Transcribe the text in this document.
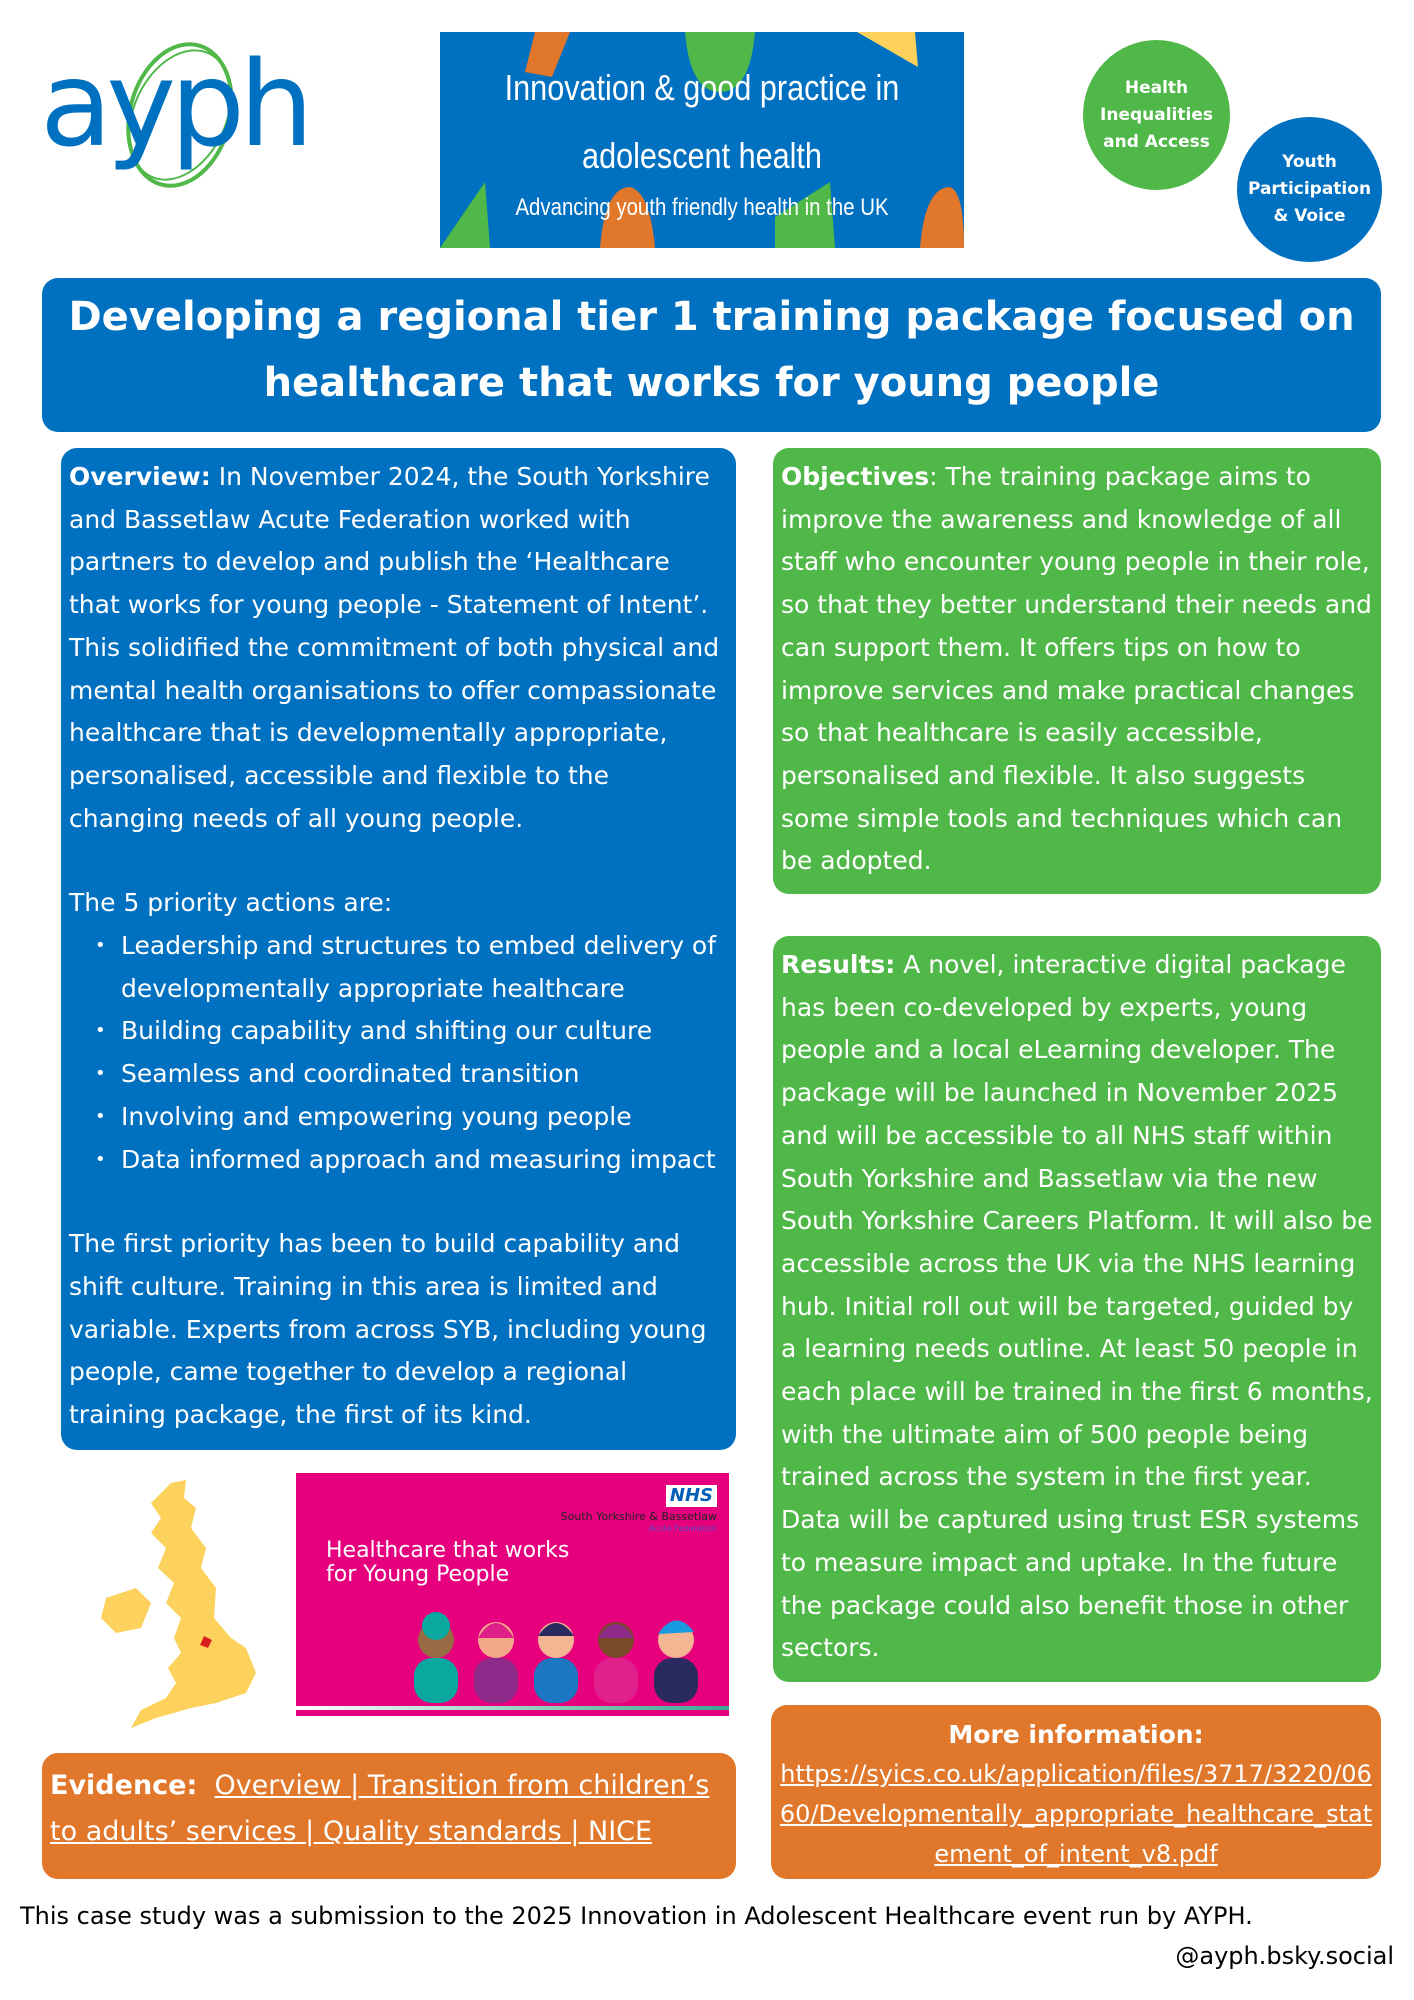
ayph	Innovation & good practice in
adolescent health
Advancing youth friendly health in the UK
Health Inequalities and Access
Youth Participation & Voice
Developing a regional tier 1 training package focused on healthcare that works for young people

Overview: In November 2024, the South Yorkshire and Bassetlaw Acute Federation worked with partners to develop and publish the ‘Healthcare that works for young people - Statement of Intent’. This solidified the commitment of both physical and mental health organisations to offer compassionate healthcare that is developmentally appropriate, personalised, accessible and flexible to the changing needs of all young people.

The 5 priority actions are:

• Leadership and structures to embed delivery of developmentally appropriate healthcare
• Building capability and shifting our culture
• Seamless and coordinated transition
• Involving and empowering young people
• Data informed approach and measuring impact

The first priority has been to build capability and shift culture. Training in this area is limited and variable. Experts from across SYB, including young people, came together to develop a regional training package, the first of its kind.

Objectives: The training package aims to improve the awareness and knowledge of all staff who encounter young people in their role, so that they better understand their needs and can support them. It offers tips on how to improve services and make practical changes so that healthcare is easily accessible, personalised and flexible. It also suggests some simple tools and techniques which can be adopted.

Results: A novel, interactive digital package has been co-developed by experts, young people and a local eLearning developer. The package will be launched in November 2025 and will be accessible to all NHS staff within South Yorkshire and Bassetlaw via the new South Yorkshire Careers Platform. It will also be accessible across the UK via the NHS learning hub. Initial roll out will be targeted, guided by a learning needs outline. At least 50 people in each place will be trained in the first 6 months, with the ultimate aim of 500 people being trained across the system in the first year. Data will be captured using trust ESR systems to measure impact and uptake. In the future the package could also benefit those in other sectors.

NHS
South Yorkshire & Bassetlaw
Acute Federation
Healthcare that works
for Young People
Evidence: Overview | Transition from children’s to adults’ services | Quality standards | NICE
More information:
https://syics.co.uk/application/files/3717/3220/0660/Developmentally_appropriate_healthcare_statement_of_intent_v8.pdf
This case study was a submission to the 2025 Innovation in Adolescent Healthcare event run by AYPH.
@ayph.bsky.social
